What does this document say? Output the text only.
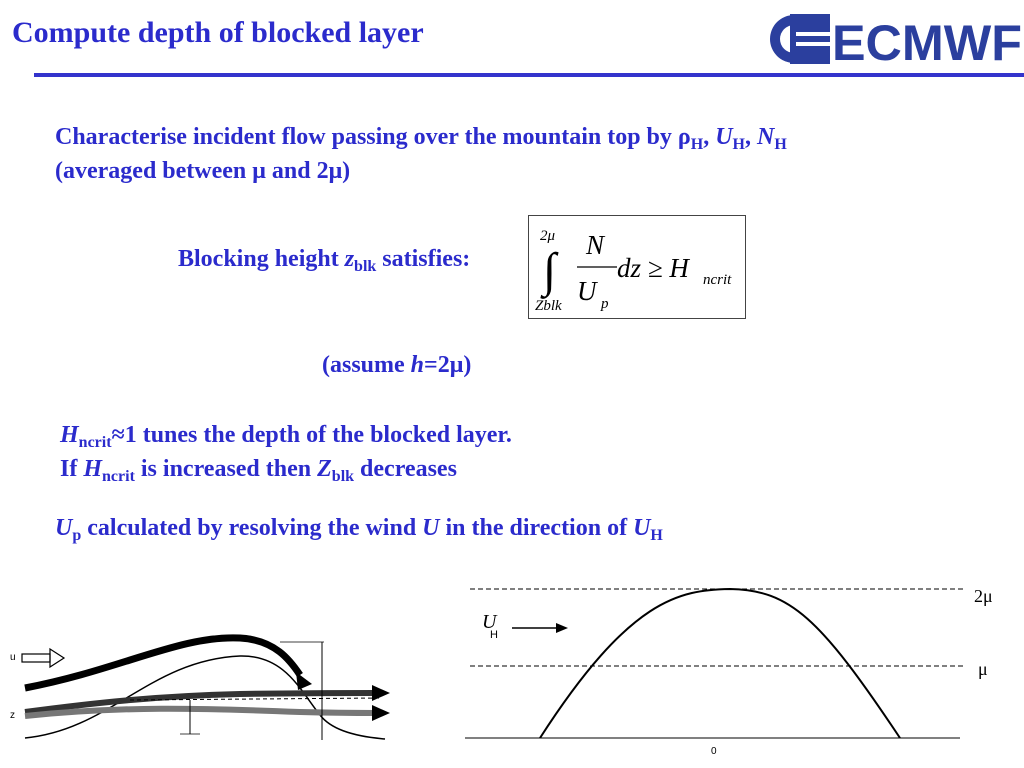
Compute depth of blocked layer	ECMWF
Characterise incident flow passing over the mountain top by $\rho_H$, $U_H$, $N_H$
(averaged between μ and 2μ)
Blocking height $z_{blk}$ satisfies:
2μ
∫
Zblk
N
U p
dz ≥ H ncrit
(assume h=2μ)
$H_{ncrit}\approx 1$ tunes the depth of the blocked layer.
If $H_{ncrit}$ is increased then $Z_{blk}$ decreases
$U_p$ calculated by resolving the wind U in the direction of $U_H$
u
z
2μ
μ
U
H
0
